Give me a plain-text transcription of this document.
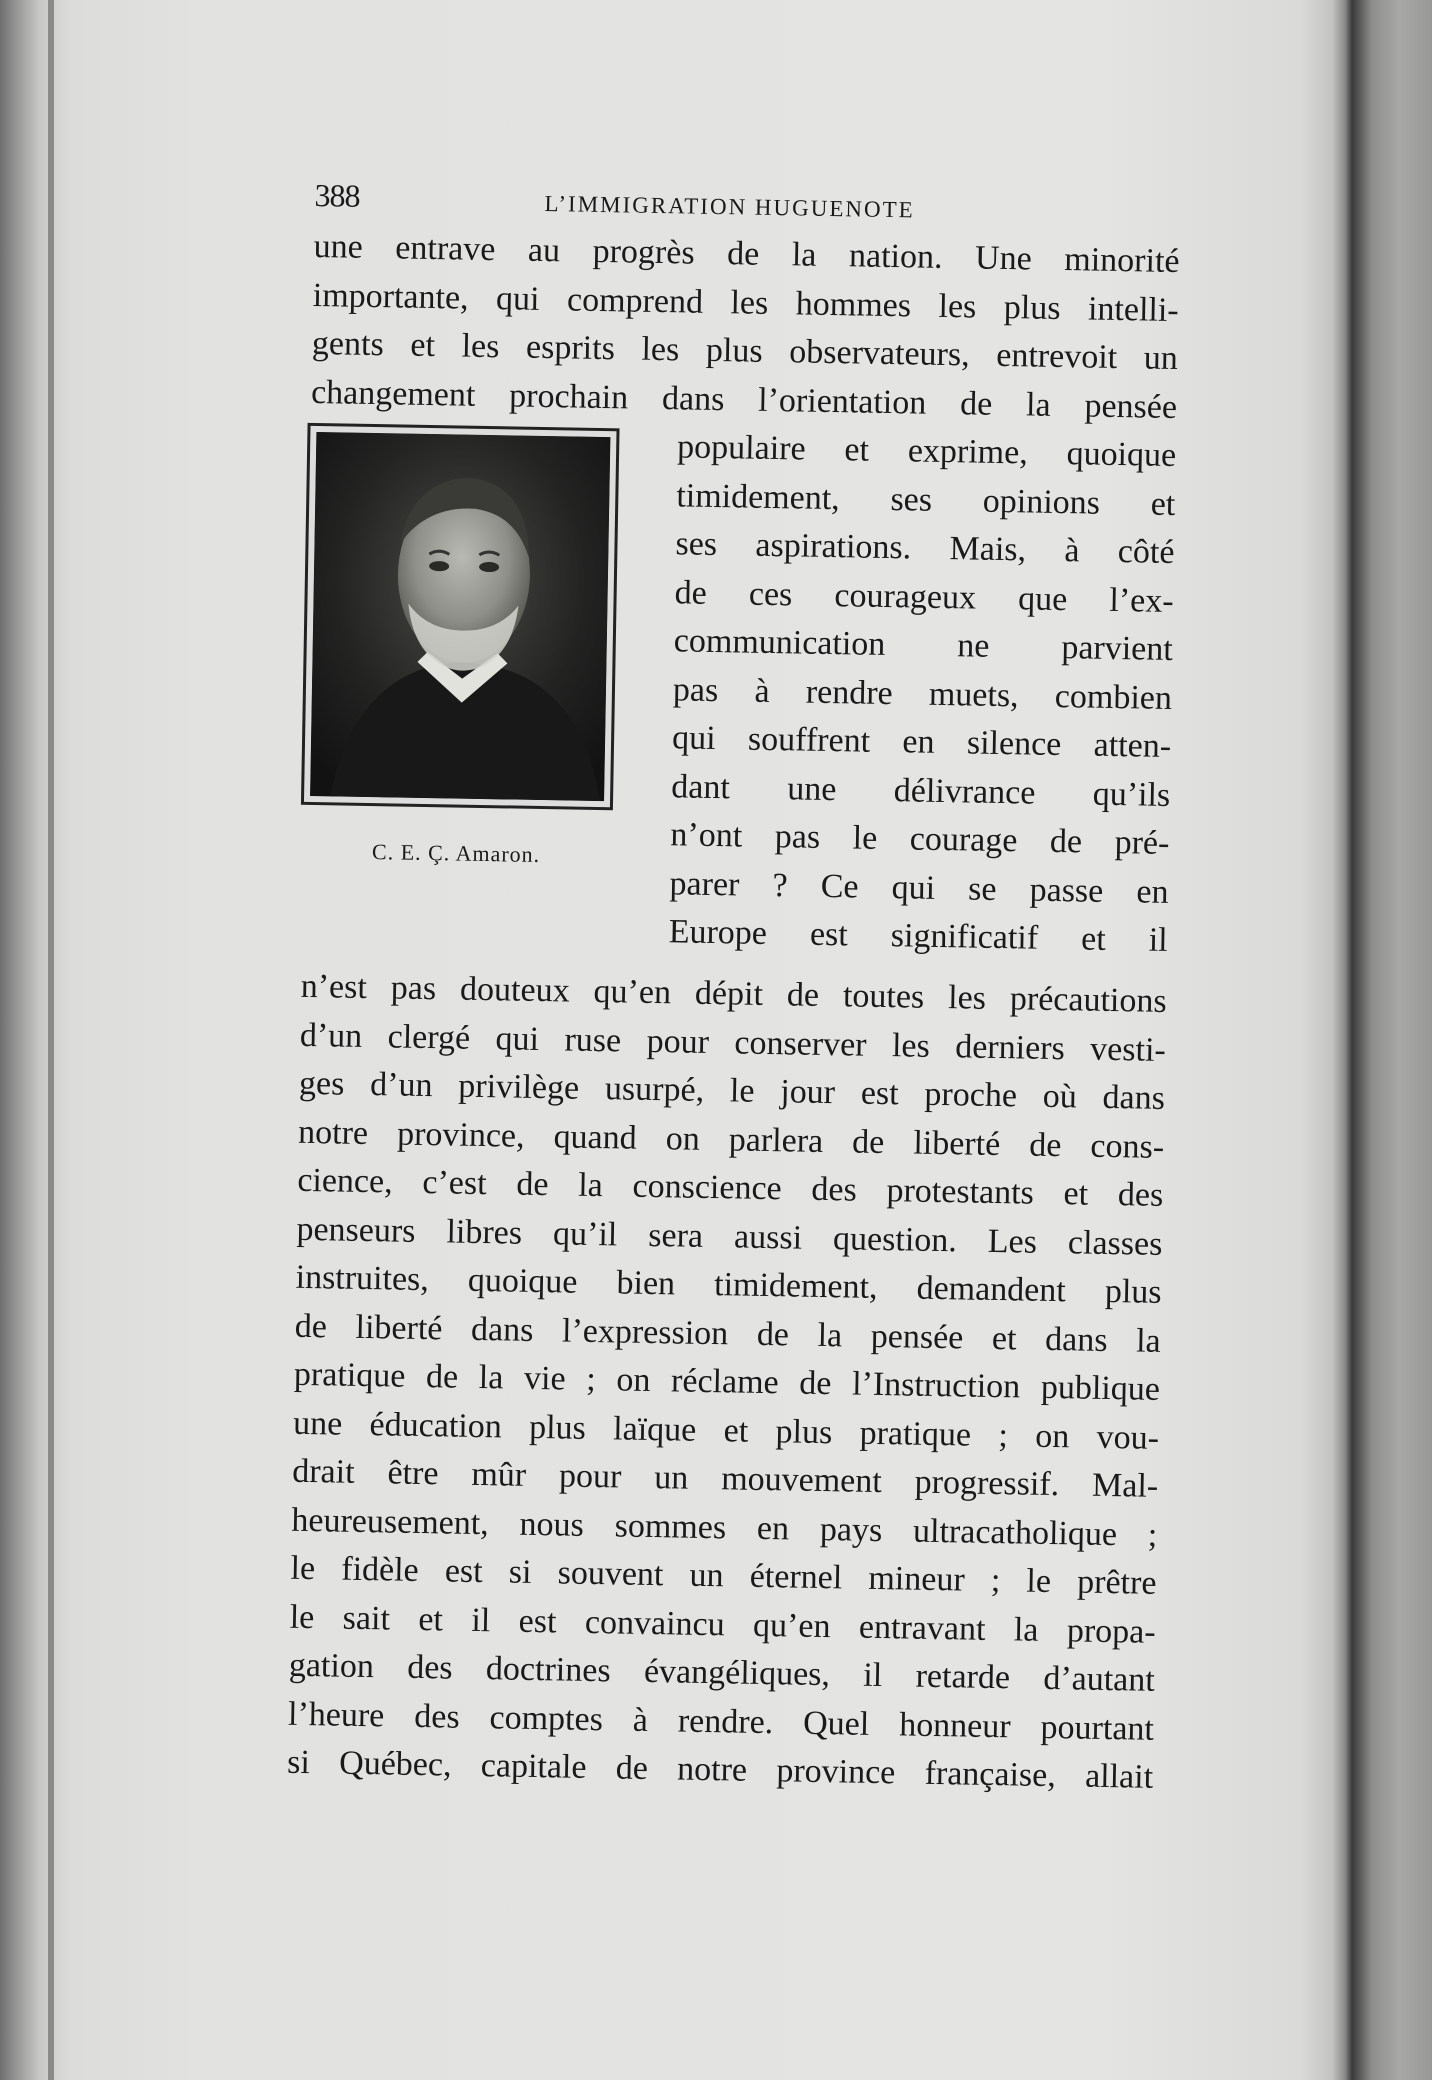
388	L’IMMIGRATION HUGUENOTE
une entrave au progrès de la nation. Une minorité
importante, qui comprend les hommes les plus intelli-
gents et les esprits les plus observateurs, entrevoit un
changement prochain dans l’orientation de la pensée
C. E. Ç. Amaron.
populaire et exprime, quoique
timidement, ses opinions et
ses aspirations. Mais, à côté
de ces courageux que l’ex-
communication ne parvient
pas à rendre muets, combien
qui souffrent en silence atten-
dant une délivrance qu’ils
n’ont pas le courage de pré-
parer ? Ce qui se passe en
Europe est significatif et il
n’est pas douteux qu’en dépit de toutes les précautions
d’un clergé qui ruse pour conserver les derniers vesti-
ges d’un privilège usurpé, le jour est proche où dans
notre province, quand on parlera de liberté de cons-
cience, c’est de la conscience des protestants et des
penseurs libres qu’il sera aussi question. Les classes
instruites, quoique bien timidement, demandent plus
de liberté dans l’expression de la pensée et dans la
pratique de la vie ; on réclame de l’Instruction publique
une éducation plus laïque et plus pratique ; on vou-
drait être mûr pour un mouvement progressif. Mal-
heureusement, nous sommes en pays ultracatholique ;
le fidèle est si souvent un éternel mineur ; le prêtre
le sait et il est convaincu qu’en entravant la propa-
gation des doctrines évangéliques, il retarde d’autant
l’heure des comptes à rendre. Quel honneur pourtant
si Québec, capitale de notre province française, allait
